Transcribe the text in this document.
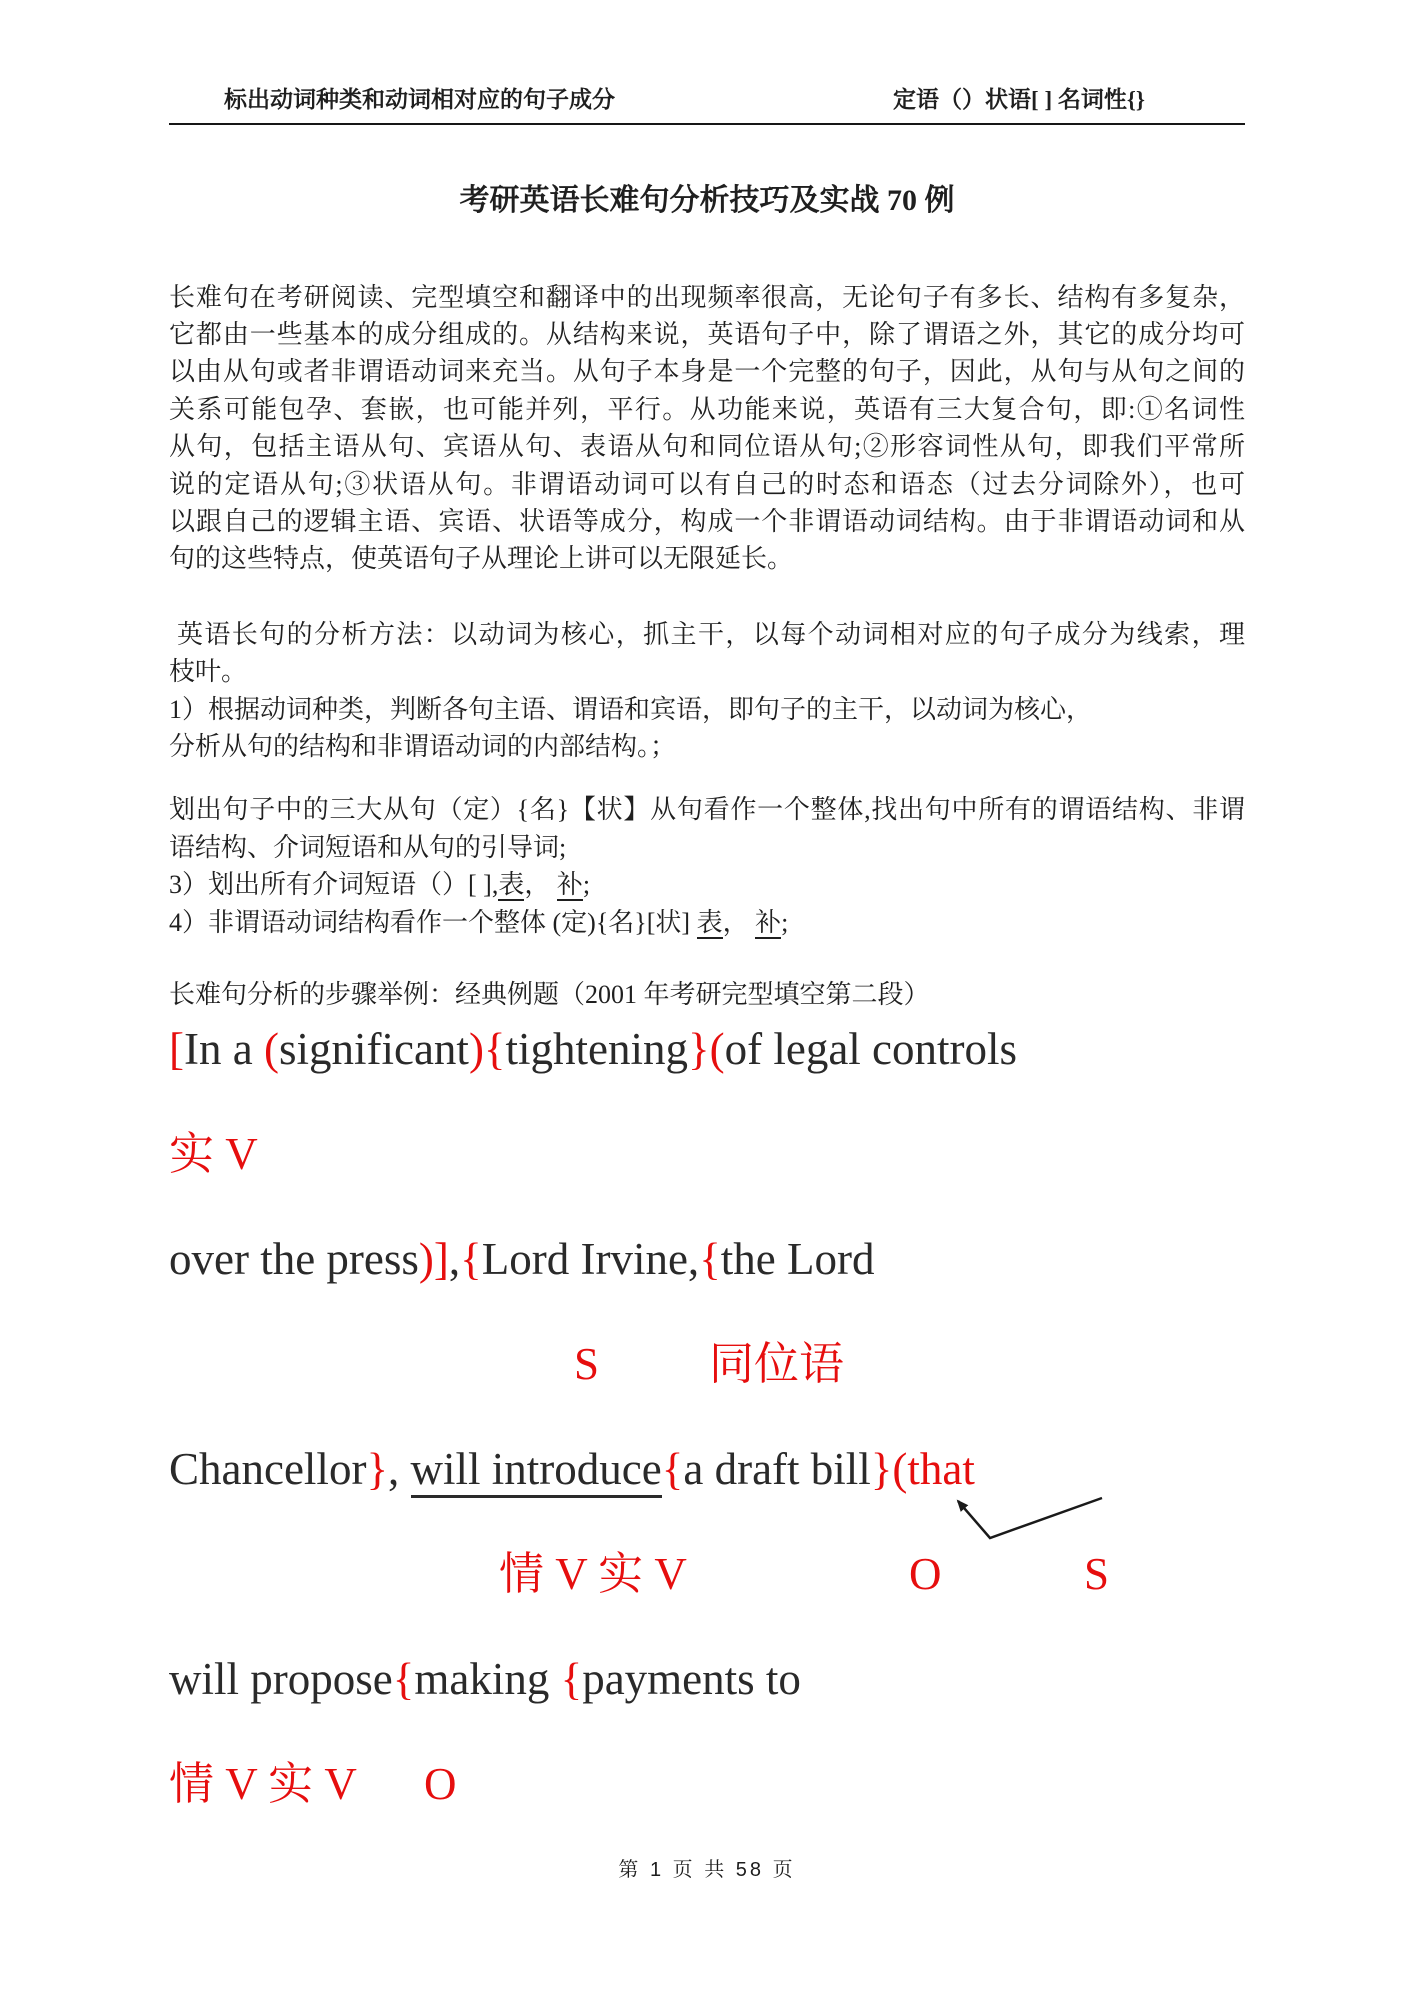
标出动词种类和动词相对应的句子成分	定语（）状语[ ] 名词性{}
考研英语长难句分析技巧及实战 70 例
长难句在考研阅读、完型填空和翻译中的出现频率很高，无论句子有多长、结构有多复杂，
它都由一些基本的成分组成的。从结构来说，英语句子中，除了谓语之外，其它的成分均可
以由从句或者非谓语动词来充当。从句子本身是一个完整的句子，因此，从句与从句之间的
关系可能包孕、套嵌，也可能并列，平行。从功能来说，英语有三大复合句，即:①名词性
从句，包括主语从句、宾语从句、表语从句和同位语从句;②形容词性从句，即我们平常所
说的定语从句;③状语从句。非谓语动词可以有自己的时态和语态（过去分词除外），也可
以跟自己的逻辑主语、宾语、状语等成分，构成一个非谓语动词结构。由于非谓语动词和从
句的这些特点，使英语句子从理论上讲可以无限延长。
英语长句的分析方法：以动词为核心，抓主干，以每个动词相对应的句子成分为线索，理
枝叶。
1）根据动词种类，判断各句主语、谓语和宾语，即句子的主干，以动词为核心，
分析从句的结构和非谓语动词的内部结构。；
划出句子中的三大从句（定）{名}【状】从句看作一个整体,找出句中所有的谓语结构、非谓
语结构、介词短语和从句的引导词;
3）划出所有介词短语（）[ ],表， 补;
4）非谓语动词结构看作一个整体 (定){名}[状] 表， 补;
长难句分析的步骤举例：经典例题（2001 年考研完型填空第二段）
[In a (significant){tightening}(of legal controls
实 V
over the press)],{Lord Irvine,{the Lord
S 同位语
Chancellor}, will introduce{a draft bill}(that
情 V 实 V	O	S
will propose{making {payments to
情 V 实 V O
第 1 页 共 58 页
